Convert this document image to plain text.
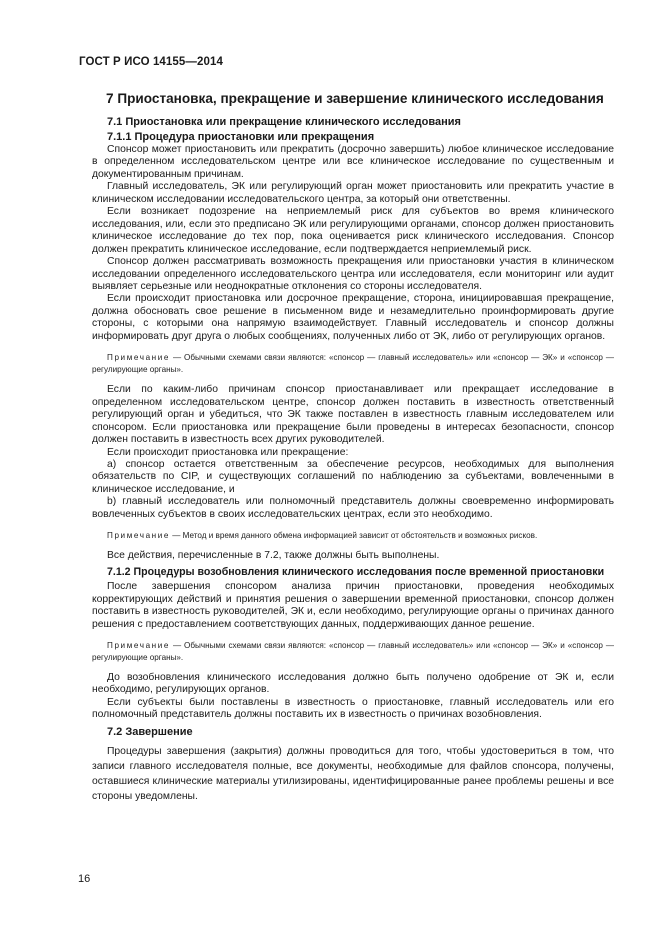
ГОСТ Р ИСО 14155—2014
7 Приостановка, прекращение и завершение клинического исследования
7.1 Приостановка или прекращение клинического исследования
7.1.1 Процедура приостановки или прекращения

Спонсор может приостановить или прекратить (досрочно завершить) любое клиническое исследование в определенном исследовательском центре или все клиническое исследование по существенным и документированным причинам.

Главный исследователь, ЭК или регулирующий орган может приостановить или прекратить участие в клиническом исследовании исследовательского центра, за который они ответственны.

Если возникает подозрение на неприемлемый риск для субъектов во время клинического исследования, или, если это предписано ЭК или регулирующими органами, спонсор должен приостановить клиническое исследование до тех пор, пока оценивается риск клинического исследования. Спонсор должен прекратить клиническое исследование, если подтверждается неприемлемый риск.

Спонсор должен рассматривать возможность прекращения или приостановки участия в клиническом исследовании определенного исследовательского центра или исследователя, если мониторинг или аудит выявляет серьезные или неоднократные отклонения со стороны исследователя.

Если происходит приостановка или досрочное прекращение, сторона, инициировавшая прекращение, должна обосновать свое решение в письменном виде и незамедлительно проинформировать другие стороны, с которыми она напрямую взаимодействует. Главный исследователь и спонсор должны информировать друг друга о любых сообщениях, полученных либо от ЭК, либо от регулирующих органов.

Примечание — Обычными схемами связи являются: «спонсор — главный исследователь» или «спонсор — ЭК» и «спонсор — регулирующие органы».

Если по каким-либо причинам спонсор приостанавливает или прекращает исследование в определенном исследовательском центре, спонсор должен поставить в известность ответственный регулирующий орган и убедиться, что ЭК также поставлен в известность главным исследователем или спонсором. Если приостановка или прекращение были проведены в интересах безопасности, спонсор должен поставить в известность всех других руководителей.

Если происходит приостановка или прекращение:

a) спонсор остается ответственным за обеспечение ресурсов, необходимых для выполнения обязательств по CIP, и существующих соглашений по наблюдению за субъектами, вовлеченными в клиническое исследование, и

b) главный исследователь или полномочный представитель должны своевременно информировать вовлеченных субъектов в своих исследовательских центрах, если это необходимо.

Примечание — Метод и время данного обмена информацией зависит от обстоятельств и возможных рисков.

Все действия, перечисленные в 7.2, также должны быть выполнены.

7.1.2 Процедуры возобновления клинического исследования после временной приостановки

После завершения спонсором анализа причин приостановки, проведения необходимых корректирующих действий и принятия решения о завершении временной приостановки, спонсор должен поставить в известность руководителей, ЭК и, если необходимо, регулирующие органы о причинах данного решения с предоставлением соответствующих данных, поддерживающих данное решение.

Примечание — Обычными схемами связи являются: «спонсор — главный исследователь» или «спонсор — ЭК» и «спонсор — регулирующие органы».

До возобновления клинического исследования должно быть получено одобрение от ЭК и, если необходимо, регулирующих органов.

Если субъекты были поставлены в известность о приостановке, главный исследователь или его полномочный представитель должны поставить их в известность о причинах возобновления.

7.2 Завершение

Процедуры завершения (закрытия) должны проводиться для того, чтобы удостовериться в том, что записи главного исследователя полные, все документы, необходимые для файлов спонсора, получены, оставшиеся клинические материалы утилизированы, идентифицированные ранее проблемы решены и все стороны уведомлены.

16
